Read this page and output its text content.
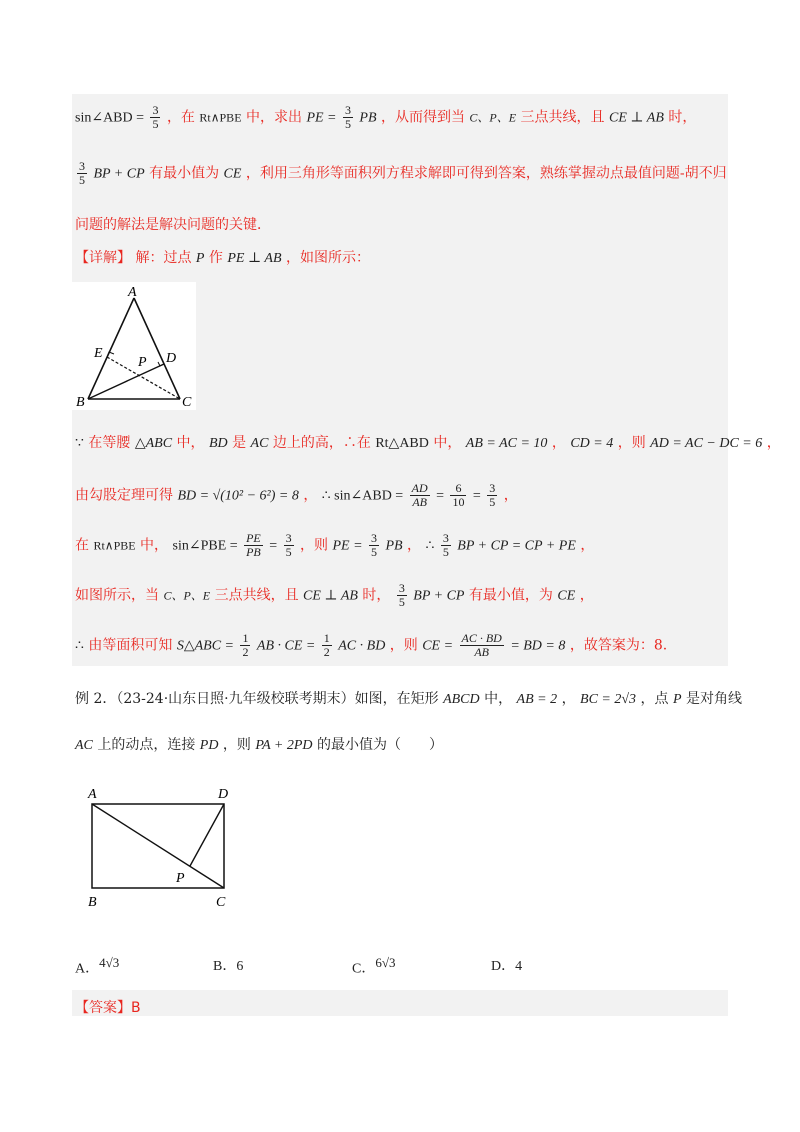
sin∠ABD = $\frac{3}{5}$ ，在 Rt∧PBE 中，求出 PE = $\frac{3}{5}$ PB ，从而得到当 C、P、E 三点共线，且 CE ⊥ AB 时，
$\frac{3}{5}$ BP + CP 有最小值为 CE ，利用三角形等面积列方程求解即可得到答案，熟练掌握动点最值问题-胡不归
问题的解法是解决问题的关键．
【详解】 解：过点 P 作 PE ⊥ AB ，如图所示：
A
B	C
D
E
P
∵ 在等腰 △ABC 中， BD 是 AC 边上的高，∴在 Rt△ABD 中， AB = AC = 10 ， CD = 4 ，则 AD = AC − DC = 6 ，
由勾股定理可得 BD = √(10² − 6²) = 8 ， ∴ sin∠ABD = $\frac{AD}{AB} = \frac{6}{10} = \frac{3}{5}$ ，
在 Rt∧PBE 中， sin∠PBE = $\frac{PE}{PB} = \frac{3}{5}$ ，则 PE = $\frac{3}{5}$ PB ， ∴ $\frac{3}{5}$ BP + CP = CP + PE ，
如图所示，当 C、P、E 三点共线，且 CE ⊥ AB 时， $\frac{3}{5}$ BP + CP 有最小值，为 CE ，
∴ 由等面积可知 S△ABC = $\frac{1}{2}$ AB · CE = $\frac{1}{2}$ AC · BD ，则 CE = $\frac{AC \cdot BD}{AB}$ = BD = 8 ，故答案为：8.
例 2．（23-24·山东日照·九年级校联考期末）如图，在矩形 ABCD 中， AB = 2 ， BC = 2√3 ，点 P 是对角线
AC 上的动点，连接 PD ，则 PA + 2PD 的最小值为（　　）
A	D
B	C
P
A．$^{4√3}$	B．6	C．$^{6√3}$	D．4
【答案】B
